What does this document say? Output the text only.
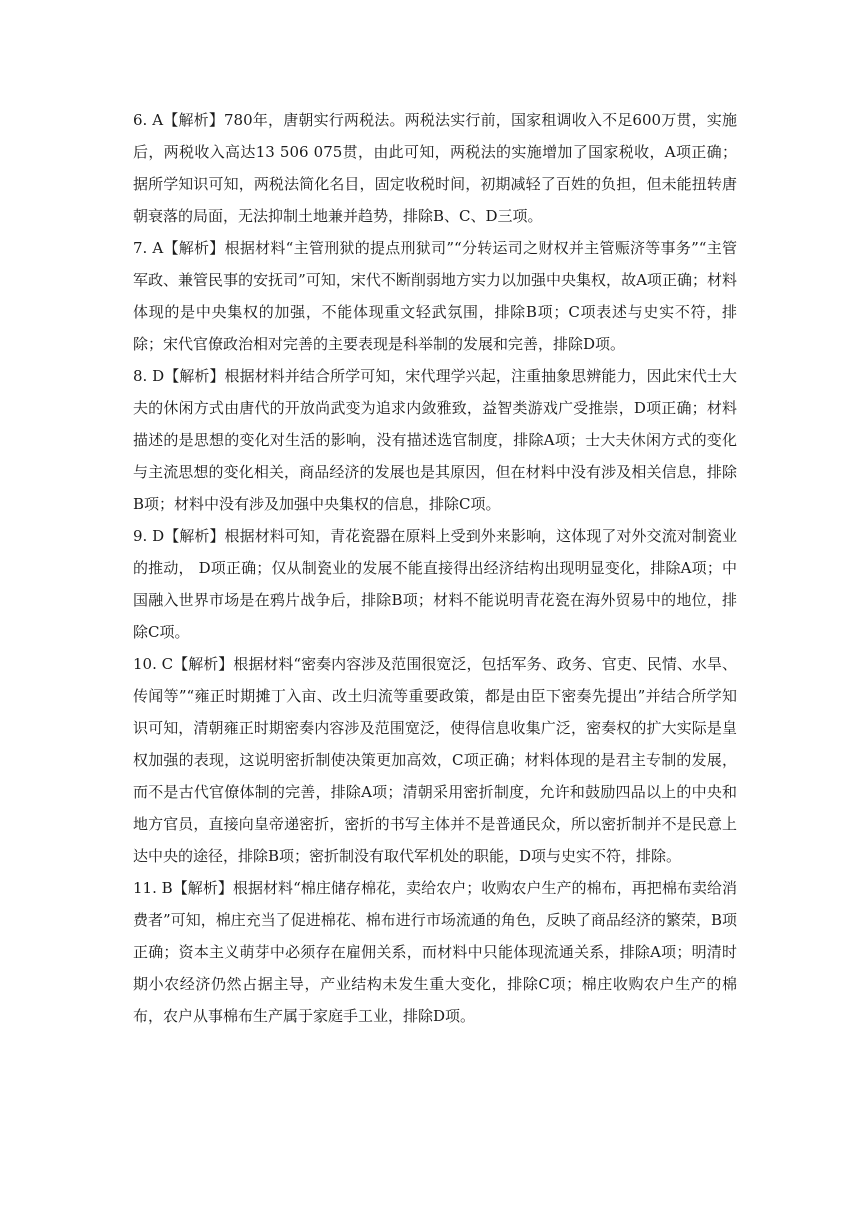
6. A【解析】780年，唐朝实行两税法。两税法实行前，国家租调收入不足600万贯，实施后，两税收入高达13 506 075贯，由此可知，两税法的实施增加了国家税收，A项正确；据所学知识可知，两税法简化名目，固定收税时间，初期减轻了百姓的负担，但未能扭转唐朝衰落的局面，无法抑制土地兼并趋势，排除B、C、D三项。

7. A【解析】根据材料“主管刑狱的提点刑狱司”“分转运司之财权并主管赈济等事务”“主管军政、兼管民事的安抚司”可知，宋代不断削弱地方实力以加强中央集权，故A项正确；材料体现的是中央集权的加强，不能体现重文轻武氛围，排除B项；C项表述与史实不符，排除；宋代官僚政治相对完善的主要表现是科举制的发展和完善，排除D项。

8. D【解析】根据材料并结合所学可知，宋代理学兴起，注重抽象思辨能力，因此宋代士大夫的休闲方式由唐代的开放尚武变为追求内敛雅致，益智类游戏广受推崇，D项正确；材料描述的是思想的变化对生活的影响，没有描述选官制度，排除A项；士大夫休闲方式的变化与主流思想的变化相关，商品经济的发展也是其原因，但在材料中没有涉及相关信息，排除B项；材料中没有涉及加强中央集权的信息，排除C项。

9. D【解析】根据材料可知，青花瓷器在原料上受到外来影响，这体现了对外交流对制瓷业的推动， D项正确；仅从制瓷业的发展不能直接得出经济结构出现明显变化，排除A项；中国融入世界市场是在鸦片战争后，排除B项；材料不能说明青花瓷在海外贸易中的地位，排除C项。

10. C【解析】根据材料“密奏内容涉及范围很宽泛，包括军务、政务、官吏、民情、水旱、传闻等”“雍正时期摊丁入亩、改土归流等重要政策，都是由臣下密奏先提出”并结合所学知识可知，清朝雍正时期密奏内容涉及范围宽泛，使得信息收集广泛，密奏权的扩大实际是皇权加强的表现，这说明密折制使决策更加高效，C项正确；材料体现的是君主专制的发展，而不是古代官僚体制的完善，排除A项；清朝采用密折制度，允许和鼓励四品以上的中央和地方官员，直接向皇帝递密折，密折的书写主体并不是普通民众，所以密折制并不是民意上达中央的途径，排除B项；密折制没有取代军机处的职能，D项与史实不符，排除。

11. B【解析】根据材料“棉庄储存棉花，卖给农户；收购农户生产的棉布，再把棉布卖给消费者”可知，棉庄充当了促进棉花、棉布进行市场流通的角色，反映了商品经济的繁荣，B项正确；资本主义萌芽中必须存在雇佣关系，而材料中只能体现流通关系，排除A项；明清时期小农经济仍然占据主导，产业结构未发生重大变化，排除C项；棉庄收购农户生产的棉布，农户从事棉布生产属于家庭手工业，排除D项。
